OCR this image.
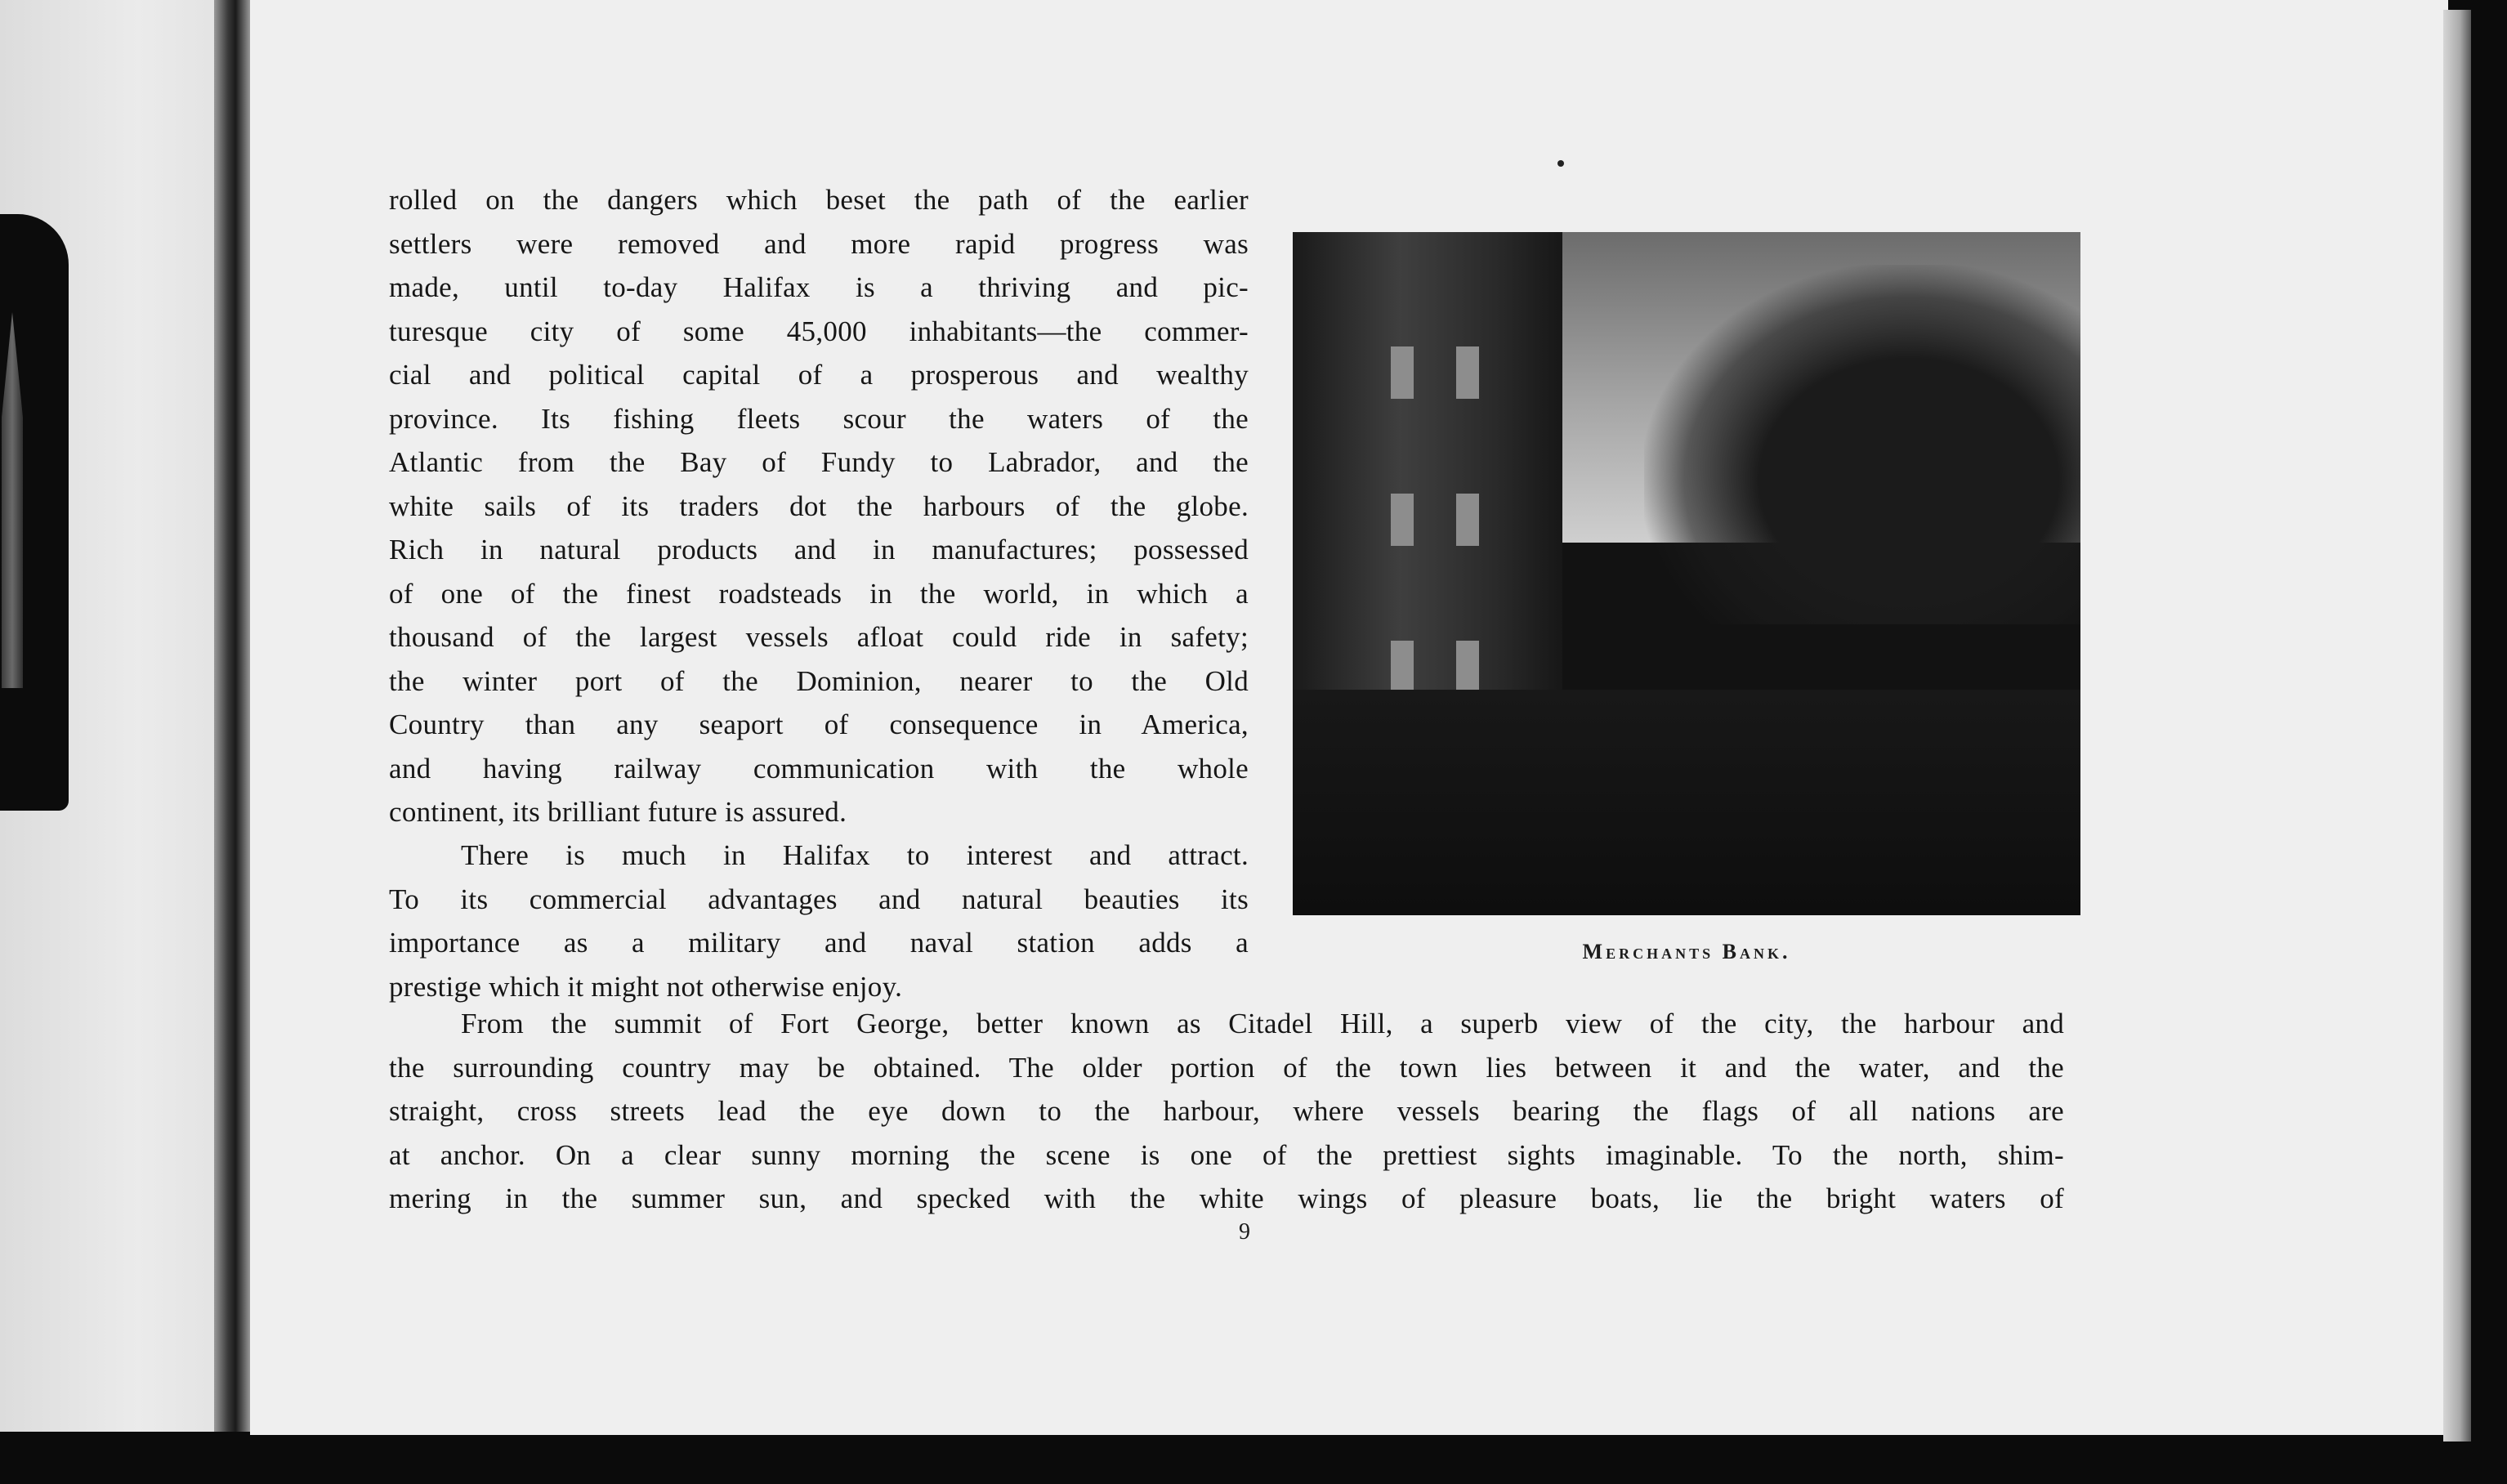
rolled on the dangers which beset the path of the earlier
settlers were removed and more rapid progress was
made, until to-day Halifax is a thriving and pic-
turesque city of some 45,000 inhabitants—the commer-
cial and political capital of a prosperous and wealthy
province. Its fishing fleets scour the waters of the
Atlantic from the Bay of Fundy to Labrador, and the
white sails of its traders dot the harbours of the globe.
Rich in natural products and in manufactures; possessed
of one of the finest roadsteads in the world, in which a
thousand of the largest vessels afloat could ride in safety;
the winter port of the Dominion, nearer to the Old
Country than any seaport of consequence in America,
and having railway communication with the whole
continent, its brilliant future is assured.
There is much in Halifax to interest and attract.
To its commercial advantages and natural beauties its
importance as a military and naval station adds a
prestige which it might not otherwise enjoy.
Merchants Bank.
From the summit of Fort George, better known as Citadel Hill, a superb view of the city, the harbour and
the surrounding country may be obtained. The older portion of the town lies between it and the water, and the
straight, cross streets lead the eye down to the harbour, where vessels bearing the flags of all nations are
at anchor. On a clear sunny morning the scene is one of the prettiest sights imaginable. To the north, shim-
mering in the summer sun, and specked with the white wings of pleasure boats, lie the bright waters of
9
